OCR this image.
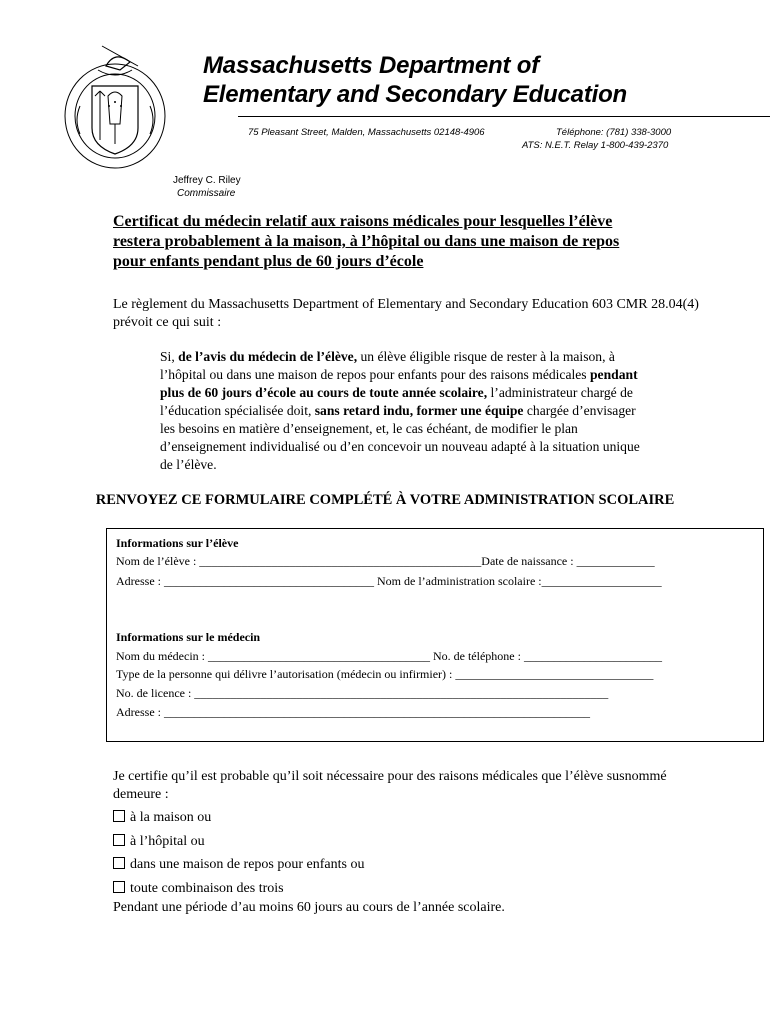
Massachusetts Department of
Elementary and Secondary Education
75 Pleasant Street, Malden, Massachusetts 02148-4906	Téléphone: (781) 338-3000
ATS: N.E.T. Relay 1-800-439-2370
Jeffrey C. Riley
Commissaire
Certificat du médecin relatif aux raisons médicales pour lesquelles l’élève
restera probablement à la maison, à l’hôpital ou dans une maison de repos
pour enfants pendant plus de 60 jours d’école
Le règlement du Massachusetts Department of Elementary and Secondary Education 603 CMR 28.04(4) prévoit ce qui suit :
Si, de l’avis du médecin de l’élève, un élève éligible risque de rester à la maison, à
l’hôpital ou dans une maison de repos pour enfants pour des raisons médicales pendant
plus de 60 jours d’école au cours de toute année scolaire, l’administrateur chargé de
l’éducation spécialisée doit, sans retard indu, former une équipe chargée d’envisager
les besoins en matière d’enseignement, et, le cas échéant, de modifier le plan
d’enseignement individualisé ou d’en concevoir un nouveau adapté à la situation unique
de l’élève.
RENVOYEZ CE FORMULAIRE COMPLÉTÉ À VOTRE ADMINISTRATION SCOLAIRE
Informations sur l’élève
Nom de l’élève : _______________________________________________Date de naissance : _____________
Adresse : ___________________________________ Nom de l’administration scolaire :____________________
Informations sur le médecin
Nom du médecin : _____________________________________ No. de téléphone : _______________________
Type de la personne qui délivre l’autorisation (médecin ou infirmier) : _________________________________
No. de licence : _____________________________________________________________________
Adresse : _______________________________________________________________________
Je certifie qu’il est probable qu’il soit nécessaire pour des raisons médicales que l’élève susnommé demeure :
à la maison ou
à l’hôpital ou
dans une maison de repos pour enfants ou
toute combinaison des trois
Pendant une période d’au moins 60 jours au cours de l’année scolaire.
